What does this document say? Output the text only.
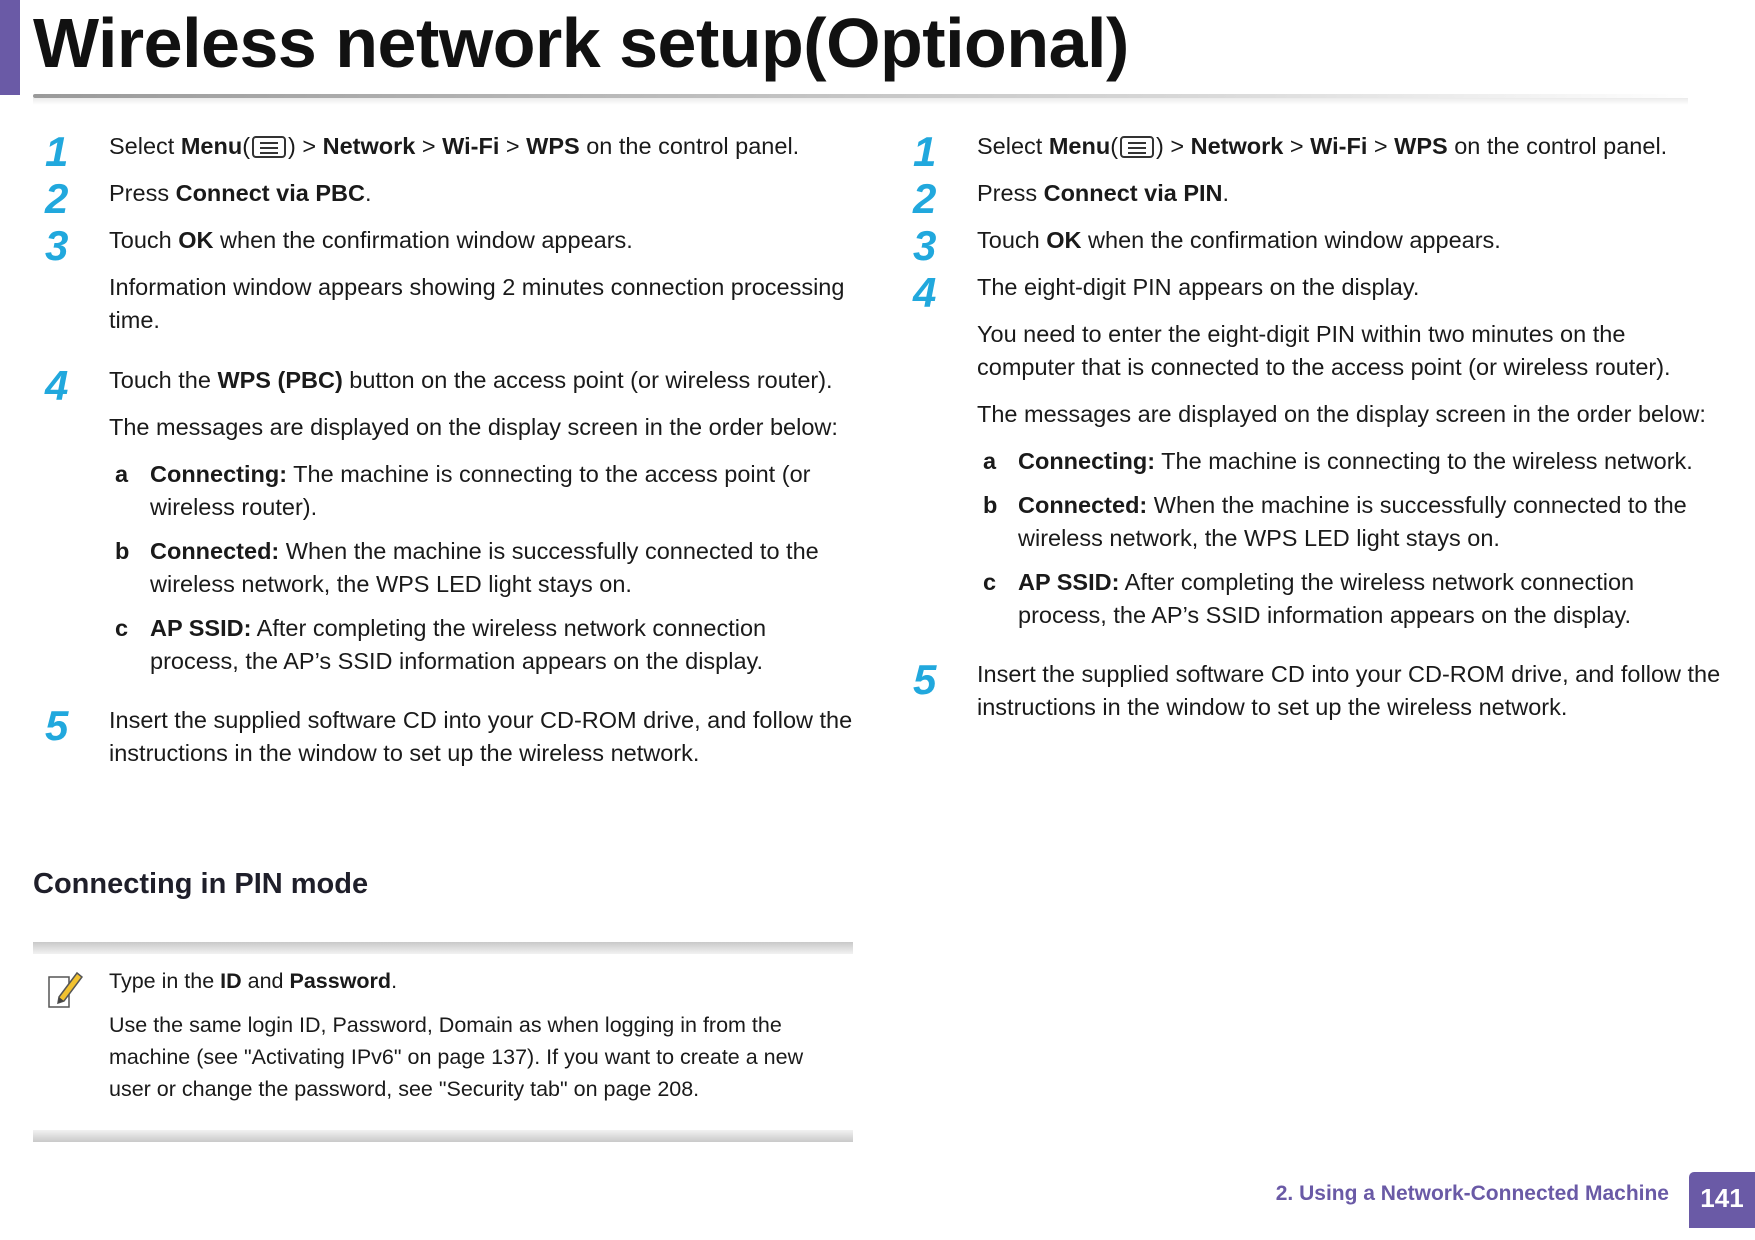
Wireless network setup(Optional)
1 Select Menu( ) > Network > Wi-Fi > WPS on the control panel.

2 Press Connect via PBC.

3 Touch OK when the confirmation window appears.

Information window appears showing 2 minutes connection processing time.

4 Touch the WPS (PBC) button on the access point (or wireless router).

The messages are displayed on the display screen in the order below:

a Connecting: The machine is connecting to the access point (or wireless router).
b Connected: When the machine is successfully connected to the wireless network, the WPS LED light stays on.
c AP SSID: After completing the wireless network connection process, the AP’s SSID information appears on the display.
5 Insert the supplied software CD into your CD-ROM drive, and follow the instructions in the window to set up the wireless network.

Connecting in PIN mode

Type in the ID and Password.

Use the same login ID, Password, Domain as when logging in from the machine (see "Activating IPv6" on page 137). If you want to create a new user or change the password, see "Security tab" on page 208.

1 Select Menu( ) > Network > Wi-Fi > WPS on the control panel.

2 Press Connect via PIN.

3 Touch OK when the confirmation window appears.

4 The eight-digit PIN appears on the display.

You need to enter the eight-digit PIN within two minutes on the computer that is connected to the access point (or wireless router).

The messages are displayed on the display screen in the order below:

a Connecting: The machine is connecting to the wireless network.
b Connected: When the machine is successfully connected to the wireless network, the WPS LED light stays on.
c AP SSID: After completing the wireless network connection process, the AP’s SSID information appears on the display.
5 Insert the supplied software CD into your CD-ROM drive, and follow the instructions in the window to set up the wireless network.

2. Using a Network-Connected Machine	141
